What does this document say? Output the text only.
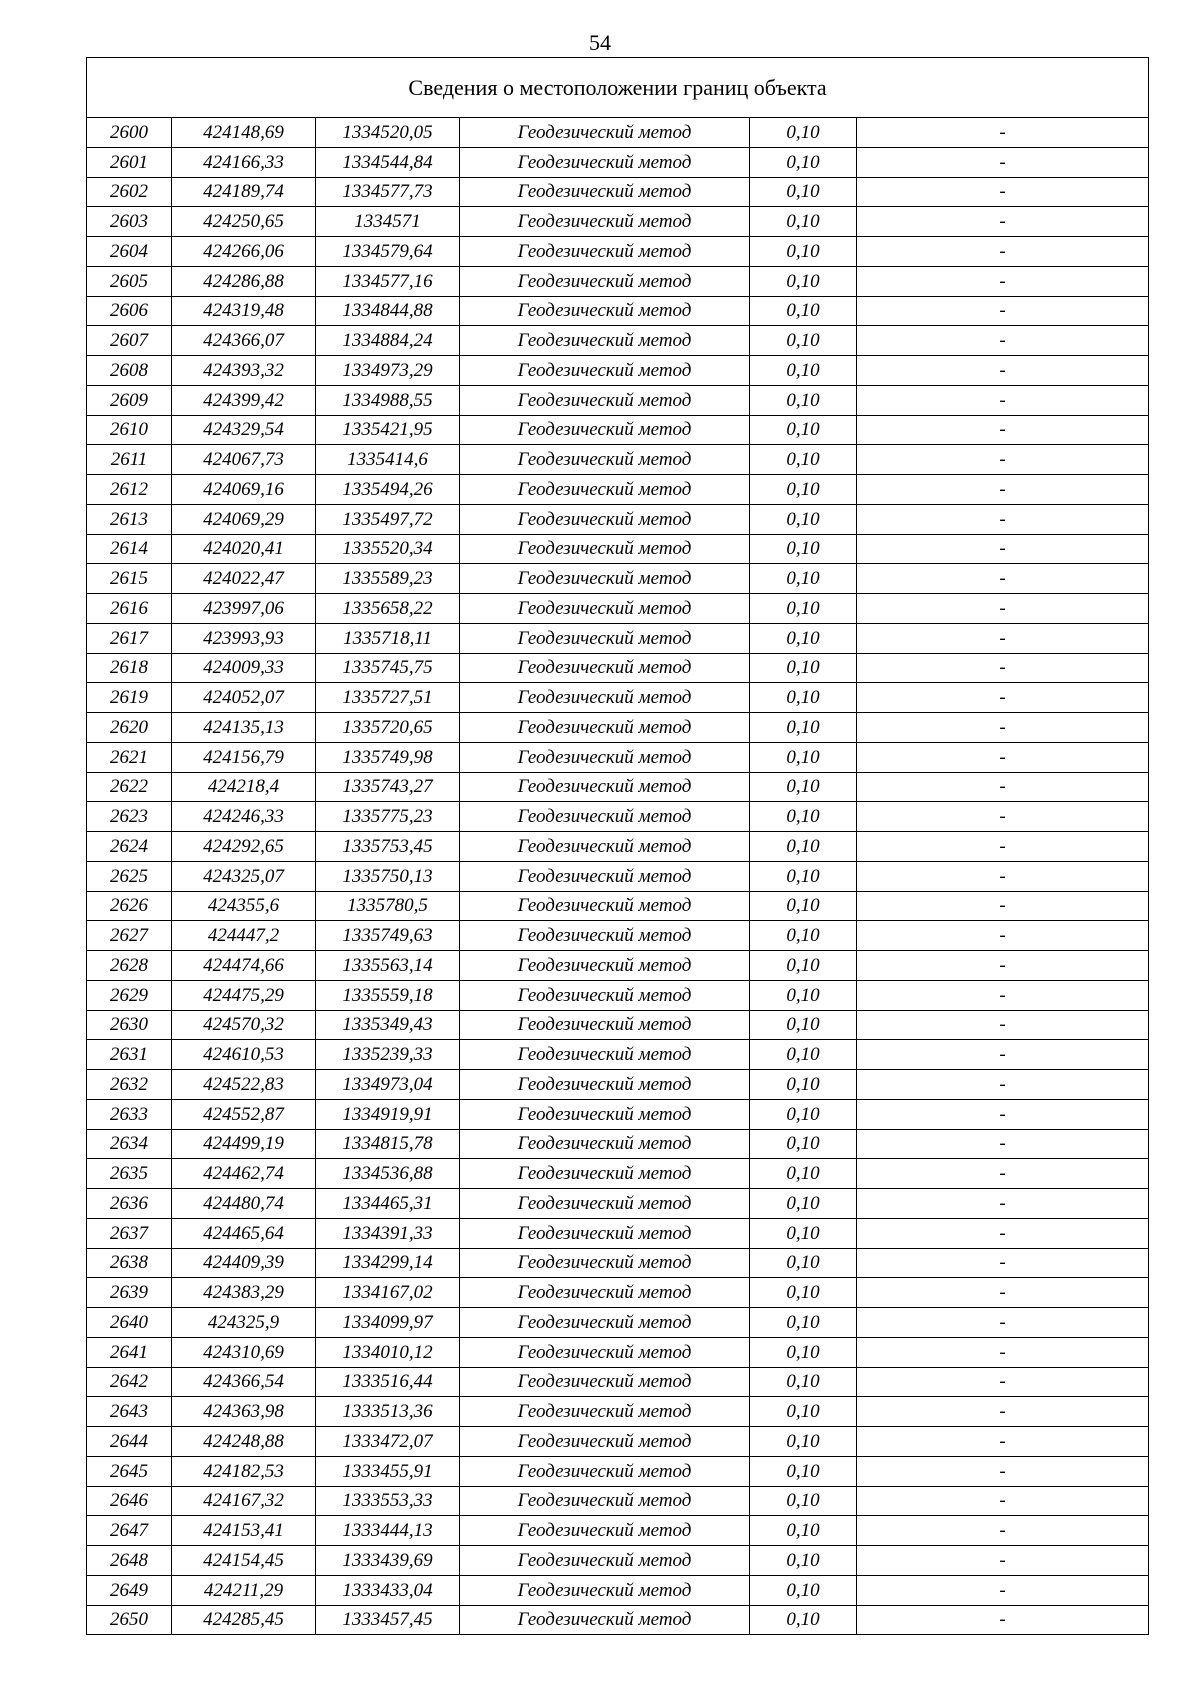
54
Сведения о местоположении границ объекта					
2600	424148,69	1334520,05	Геодезический метод	0,10	-
2601	424166,33	1334544,84	Геодезический метод	0,10	-
2602	424189,74	1334577,73	Геодезический метод	0,10	-
2603	424250,65	1334571	Геодезический метод	0,10	-
2604	424266,06	1334579,64	Геодезический метод	0,10	-
2605	424286,88	1334577,16	Геодезический метод	0,10	-
2606	424319,48	1334844,88	Геодезический метод	0,10	-
2607	424366,07	1334884,24	Геодезический метод	0,10	-
2608	424393,32	1334973,29	Геодезический метод	0,10	-
2609	424399,42	1334988,55	Геодезический метод	0,10	-
2610	424329,54	1335421,95	Геодезический метод	0,10	-
2611	424067,73	1335414,6	Геодезический метод	0,10	-
2612	424069,16	1335494,26	Геодезический метод	0,10	-
2613	424069,29	1335497,72	Геодезический метод	0,10	-
2614	424020,41	1335520,34	Геодезический метод	0,10	-
2615	424022,47	1335589,23	Геодезический метод	0,10	-
2616	423997,06	1335658,22	Геодезический метод	0,10	-
2617	423993,93	1335718,11	Геодезический метод	0,10	-
2618	424009,33	1335745,75	Геодезический метод	0,10	-
2619	424052,07	1335727,51	Геодезический метод	0,10	-
2620	424135,13	1335720,65	Геодезический метод	0,10	-
2621	424156,79	1335749,98	Геодезический метод	0,10	-
2622	424218,4	1335743,27	Геодезический метод	0,10	-
2623	424246,33	1335775,23	Геодезический метод	0,10	-
2624	424292,65	1335753,45	Геодезический метод	0,10	-
2625	424325,07	1335750,13	Геодезический метод	0,10	-
2626	424355,6	1335780,5	Геодезический метод	0,10	-
2627	424447,2	1335749,63	Геодезический метод	0,10	-
2628	424474,66	1335563,14	Геодезический метод	0,10	-
2629	424475,29	1335559,18	Геодезический метод	0,10	-
2630	424570,32	1335349,43	Геодезический метод	0,10	-
2631	424610,53	1335239,33	Геодезический метод	0,10	-
2632	424522,83	1334973,04	Геодезический метод	0,10	-
2633	424552,87	1334919,91	Геодезический метод	0,10	-
2634	424499,19	1334815,78	Геодезический метод	0,10	-
2635	424462,74	1334536,88	Геодезический метод	0,10	-
2636	424480,74	1334465,31	Геодезический метод	0,10	-
2637	424465,64	1334391,33	Геодезический метод	0,10	-
2638	424409,39	1334299,14	Геодезический метод	0,10	-
2639	424383,29	1334167,02	Геодезический метод	0,10	-
2640	424325,9	1334099,97	Геодезический метод	0,10	-
2641	424310,69	1334010,12	Геодезический метод	0,10	-
2642	424366,54	1333516,44	Геодезический метод	0,10	-
2643	424363,98	1333513,36	Геодезический метод	0,10	-
2644	424248,88	1333472,07	Геодезический метод	0,10	-
2645	424182,53	1333455,91	Геодезический метод	0,10	-
2646	424167,32	1333553,33	Геодезический метод	0,10	-
2647	424153,41	1333444,13	Геодезический метод	0,10	-
2648	424154,45	1333439,69	Геодезический метод	0,10	-
2649	424211,29	1333433,04	Геодезический метод	0,10	-
2650	424285,45	1333457,45	Геодезический метод	0,10	-
